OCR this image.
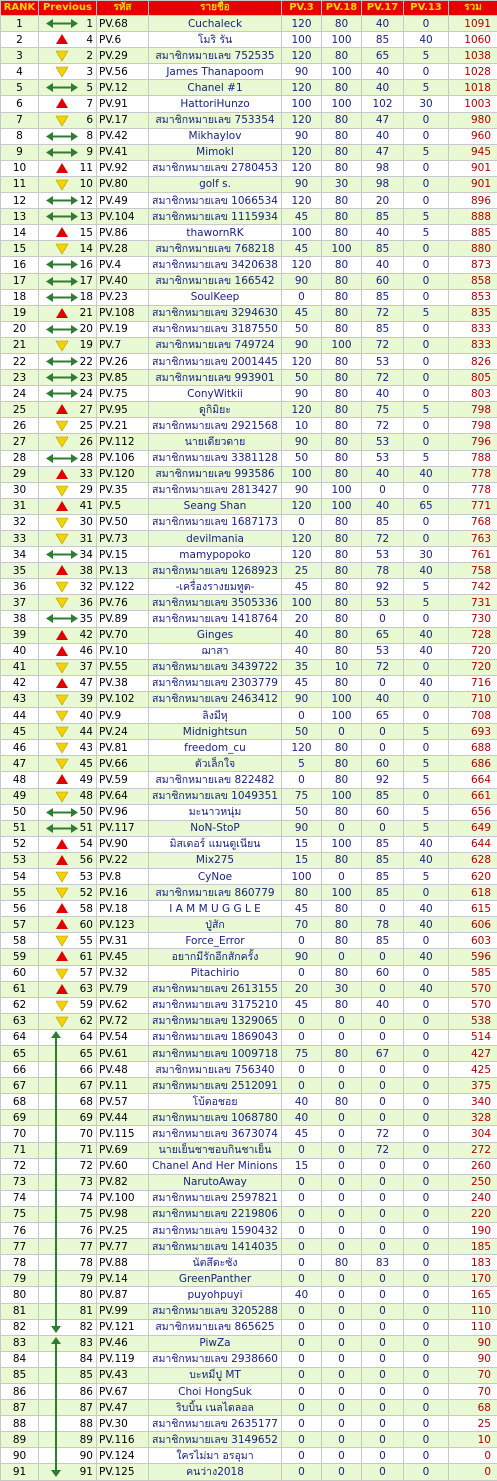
RANK	Previous	รหัส	รายชื่อ	PV.3	PV.18	PV.17	PV.13	รวม
1	1	PV.68	Cuchaleck	120	80	40	0	1091
2	4	PV.6	โมริ รัน	100	100	85	40	1060
3	2	PV.29	สมาชิกหมายเลข 752535	120	80	65	5	1038
4	3	PV.56	James Thanapoom	90	100	40	0	1028
5	5	PV.12	Chanel #1	120	80	40	5	1018
6	7	PV.91	HattoriHunzo	100	100	102	30	1003
7	6	PV.17	สมาชิกหมายเลข 753354	120	80	47	0	980
8	8	PV.42	Mikhaylov	90	80	40	0	960
9	9	PV.41	Mimokl	120	80	47	5	945
10	11	PV.92	สมาชิกหมายเลข 2780453	120	80	98	0	901
11	10	PV.80	golf s.	90	30	98	0	901
12	12	PV.49	สมาชิกหมายเลข 1066534	120	80	20	0	896
13	13	PV.104	สมาชิกหมายเลข 1115934	45	80	85	5	888
14	15	PV.86	thawornRK	100	80	40	5	885
15	14	PV.28	สมาชิกหมายเลข 768218	45	100	85	0	880
16	16	PV.4	สมาชิกหมายเลข 3420638	120	80	40	0	873
17	17	PV.40	สมาชิกหมายเลข 166542	90	80	60	0	858
18	18	PV.23	SoulKeep	0	80	85	0	853
19	21	PV.108	สมาชิกหมายเลข 3294630	45	80	72	5	835
20	20	PV.19	สมาชิกหมายเลข 3187550	50	80	85	0	833
21	19	PV.7	สมาชิกหมายเลข 749724	90	100	72	0	833
22	22	PV.26	สมาชิกหมายเลข 2001445	120	80	53	0	826
23	23	PV.85	สมาชิกหมายเลข 993901	50	80	72	0	805
24	24	PV.75	ConyWitkii	90	80	40	0	803
25	27	PV.95	ดูกิมิยะ	120	80	75	5	798
26	25	PV.21	สมาชิกหมายเลข 2921568	10	80	72	0	798
27	26	PV.112	นายเดียวดาย	90	80	53	0	796
28	28	PV.106	สมาชิกหมายเลข 3381128	50	80	53	5	788
29	33	PV.120	สมาชิกหมายเลข 993586	100	80	40	40	778
30	29	PV.35	สมาชิกหมายเลข 2813427	90	100	0	0	778
31	41	PV.5	Seang Shan	120	100	40	65	771
32	30	PV.50	สมาชิกหมายเลข 1687173	0	80	85	0	768
33	31	PV.73	devilmania	120	80	72	0	763
34	34	PV.15	mamypopoko	120	80	53	30	761
35	38	PV.13	สมาชิกหมายเลข 1268923	25	80	78	40	758
36	32	PV.122	-เครื่องรางยมทูต-	45	80	92	5	742
37	36	PV.76	สมาชิกหมายเลข 3505336	100	80	53	5	731
38	35	PV.89	สมาชิกหมายเลข 1418764	20	80	0	0	730
39	42	PV.70	Ginges	40	80	65	40	728
40	46	PV.10	ฌาสา	40	80	53	40	720
41	37	PV.55	สมาชิกหมายเลข 3439722	35	10	72	0	720
42	47	PV.38	สมาชิกหมายเลข 2303779	45	80	0	40	716
43	39	PV.102	สมาชิกหมายเลข 2463412	90	100	40	0	710
44	40	PV.9	ลิงมีหุ	0	100	65	0	708
45	44	PV.24	Midnightsun	50	0	0	5	693
46	43	PV.81	freedom_cu	120	80	0	0	688
47	45	PV.66	ตัวเล็กใจ	5	80	60	5	686
48	49	PV.59	สมาชิกหมายเลข 822482	0	80	92	5	664
49	48	PV.64	สมาชิกหมายเลข 1049351	75	100	85	0	661
50	50	PV.96	มะนาวหนุ่ม	50	80	60	5	656
51	51	PV.117	NoN-StoP	90	0	0	5	649
52	54	PV.90	มิสเตอร์ แมนดูเนียน	15	100	85	40	644
53	56	PV.22	Mix275	15	80	85	40	628
54	53	PV.8	CyNoe	100	0	85	5	620
55	52	PV.16	สมาชิกหมายเลข 860779	80	100	85	0	618
56	58	PV.18	I A M M U G G L E	45	80	0	40	615
57	60	PV.123	ปู่สัก	70	80	78	40	606
58	55	PV.31	Force_Error	0	80	85	0	603
59	61	PV.45	อยากมีรักอีกสักครั้ง	90	0	0	40	596
60	57	PV.32	Pitachirio	0	80	60	0	585
61	63	PV.79	สมาชิกหมายเลข 2613155	20	30	0	40	570
62	59	PV.62	สมาชิกหมายเลข 3175210	45	80	40	0	570
63	62	PV.72	สมาชิกหมายเลข 1329065	0	0	0	0	538
64	64	PV.54	สมาชิกหมายเลข 1869043	0	0	0	0	514
65	65	PV.61	สมาชิกหมายเลข 1009718	75	80	67	0	427
66	66	PV.48	สมาชิกหมายเลข 756340	0	0	0	0	425
67	67	PV.11	สมาชิกหมายเลข 2512091	0	0	0	0	375
68	68	PV.57	โบ้ตอชอย	40	80	0	0	340
69	69	PV.44	สมาชิกหมายเลข 1068780	40	0	0	0	328
70	70	PV.115	สมาชิกหมายเลข 3673074	45	0	72	0	304
71	71	PV.69	นายเย็นชาชอบกินชาเย็น	0	0	72	0	272
72	72	PV.60	Chanel And Her Minions	15	0	0	0	260
73	73	PV.82	NarutoAway	0	0	0	0	250
74	74	PV.100	สมาชิกหมายเลข 2597821	0	0	0	0	240
75	75	PV.98	สมาชิกหมายเลข 2219806	0	0	0	0	220
76	76	PV.25	สมาชิกหมายเลข 1590432	0	0	0	0	190
77	77	PV.77	สมาชิกหมายเลข 1414035	0	0	0	0	185
78	78	PV.88	นัตสึดะซัง	0	80	83	0	183
79	79	PV.14	GreenPanther	0	0	0	0	170
80	80	PV.87	puyohpuyi	40	0	0	0	165
81	81	PV.99	สมาชิกหมายเลข 3205288	0	0	0	0	110
82	82	PV.121	สมาชิกหมายเลข 865625	0	0	0	0	110
83	83	PV.46	PiwZa	0	0	0	0	90
84	84	PV.119	สมาชิกหมายเลข 2938660	0	0	0	0	90
85	85	PV.43	บะหมี่ปู MT	0	0	0	0	70
86	86	PV.67	Choi HongSuk	0	0	0	0	70
87	87	PV.47	ริบบิ้น เนลไดลอล	0	0	0	0	68
88	88	PV.30	สมาชิกหมายเลข 2635177	0	0	0	0	25
89	89	PV.116	สมาชิกหมายเลข 3149652	0	0	0	0	10
90	90	PV.124	ใครไม่มา อรอุมา	0	0	0	0	0
91	91	PV.125	คนว่าง2018	0	0	0	0	0
